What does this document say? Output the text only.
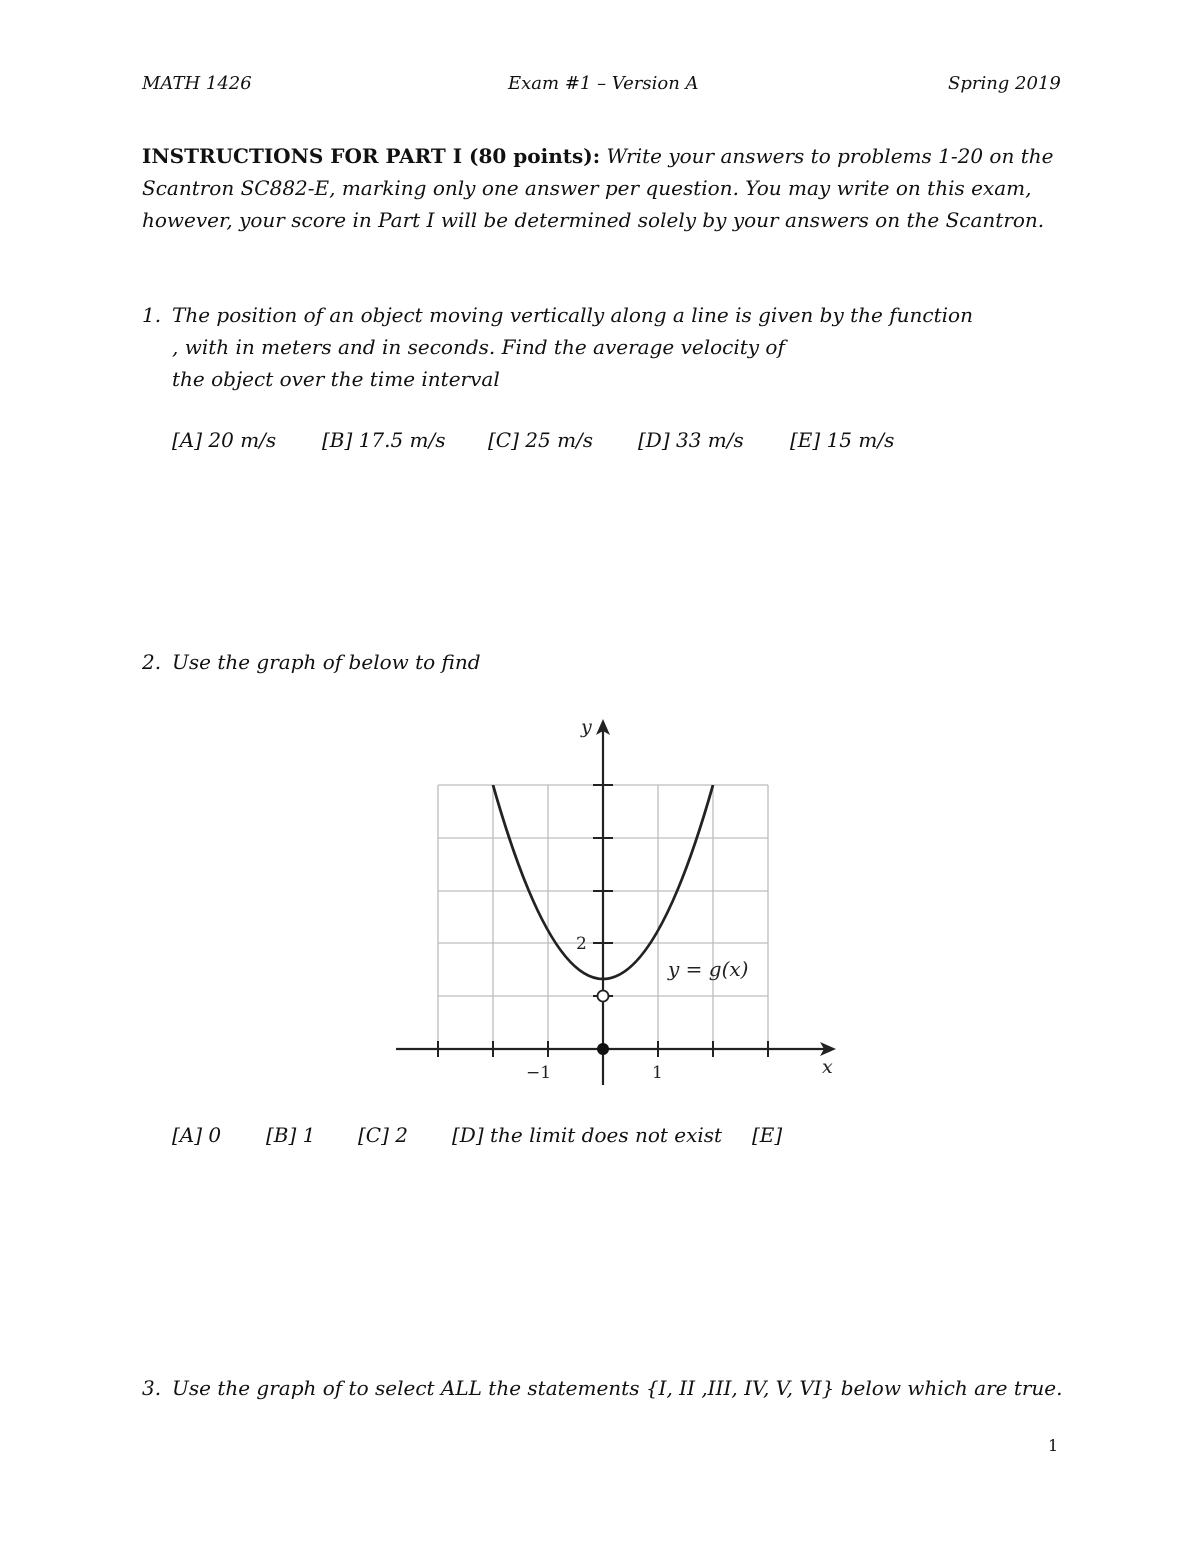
MATH 1426	Exam #1 – Version A	Spring 2019
INSTRUCTIONS FOR PART I (80 points): Write your answers to problems 1-20 on the
Scantron SC882-E, marking only one answer per question. You may write on this exam,
however, your score in Part I will be determined solely by your answers on the Scantron.
1. The position of an object moving vertically along a line is given by the function
, with in meters and in seconds. Find the average velocity of
the object over the time interval
[A] 20 m/s [B] 17.5 m/s [C] 25 m/s [D] 33 m/s [E] 15 m/s
2. Use the graph of below to find
y
x
2
−1	1
y = g(x)
[A] 0 [B] 1 [C] 2 [D] the limit does not exist [E]
3. Use the graph of to select ALL the statements {I, II ,III, IV, V, VI} below which are true.
1
